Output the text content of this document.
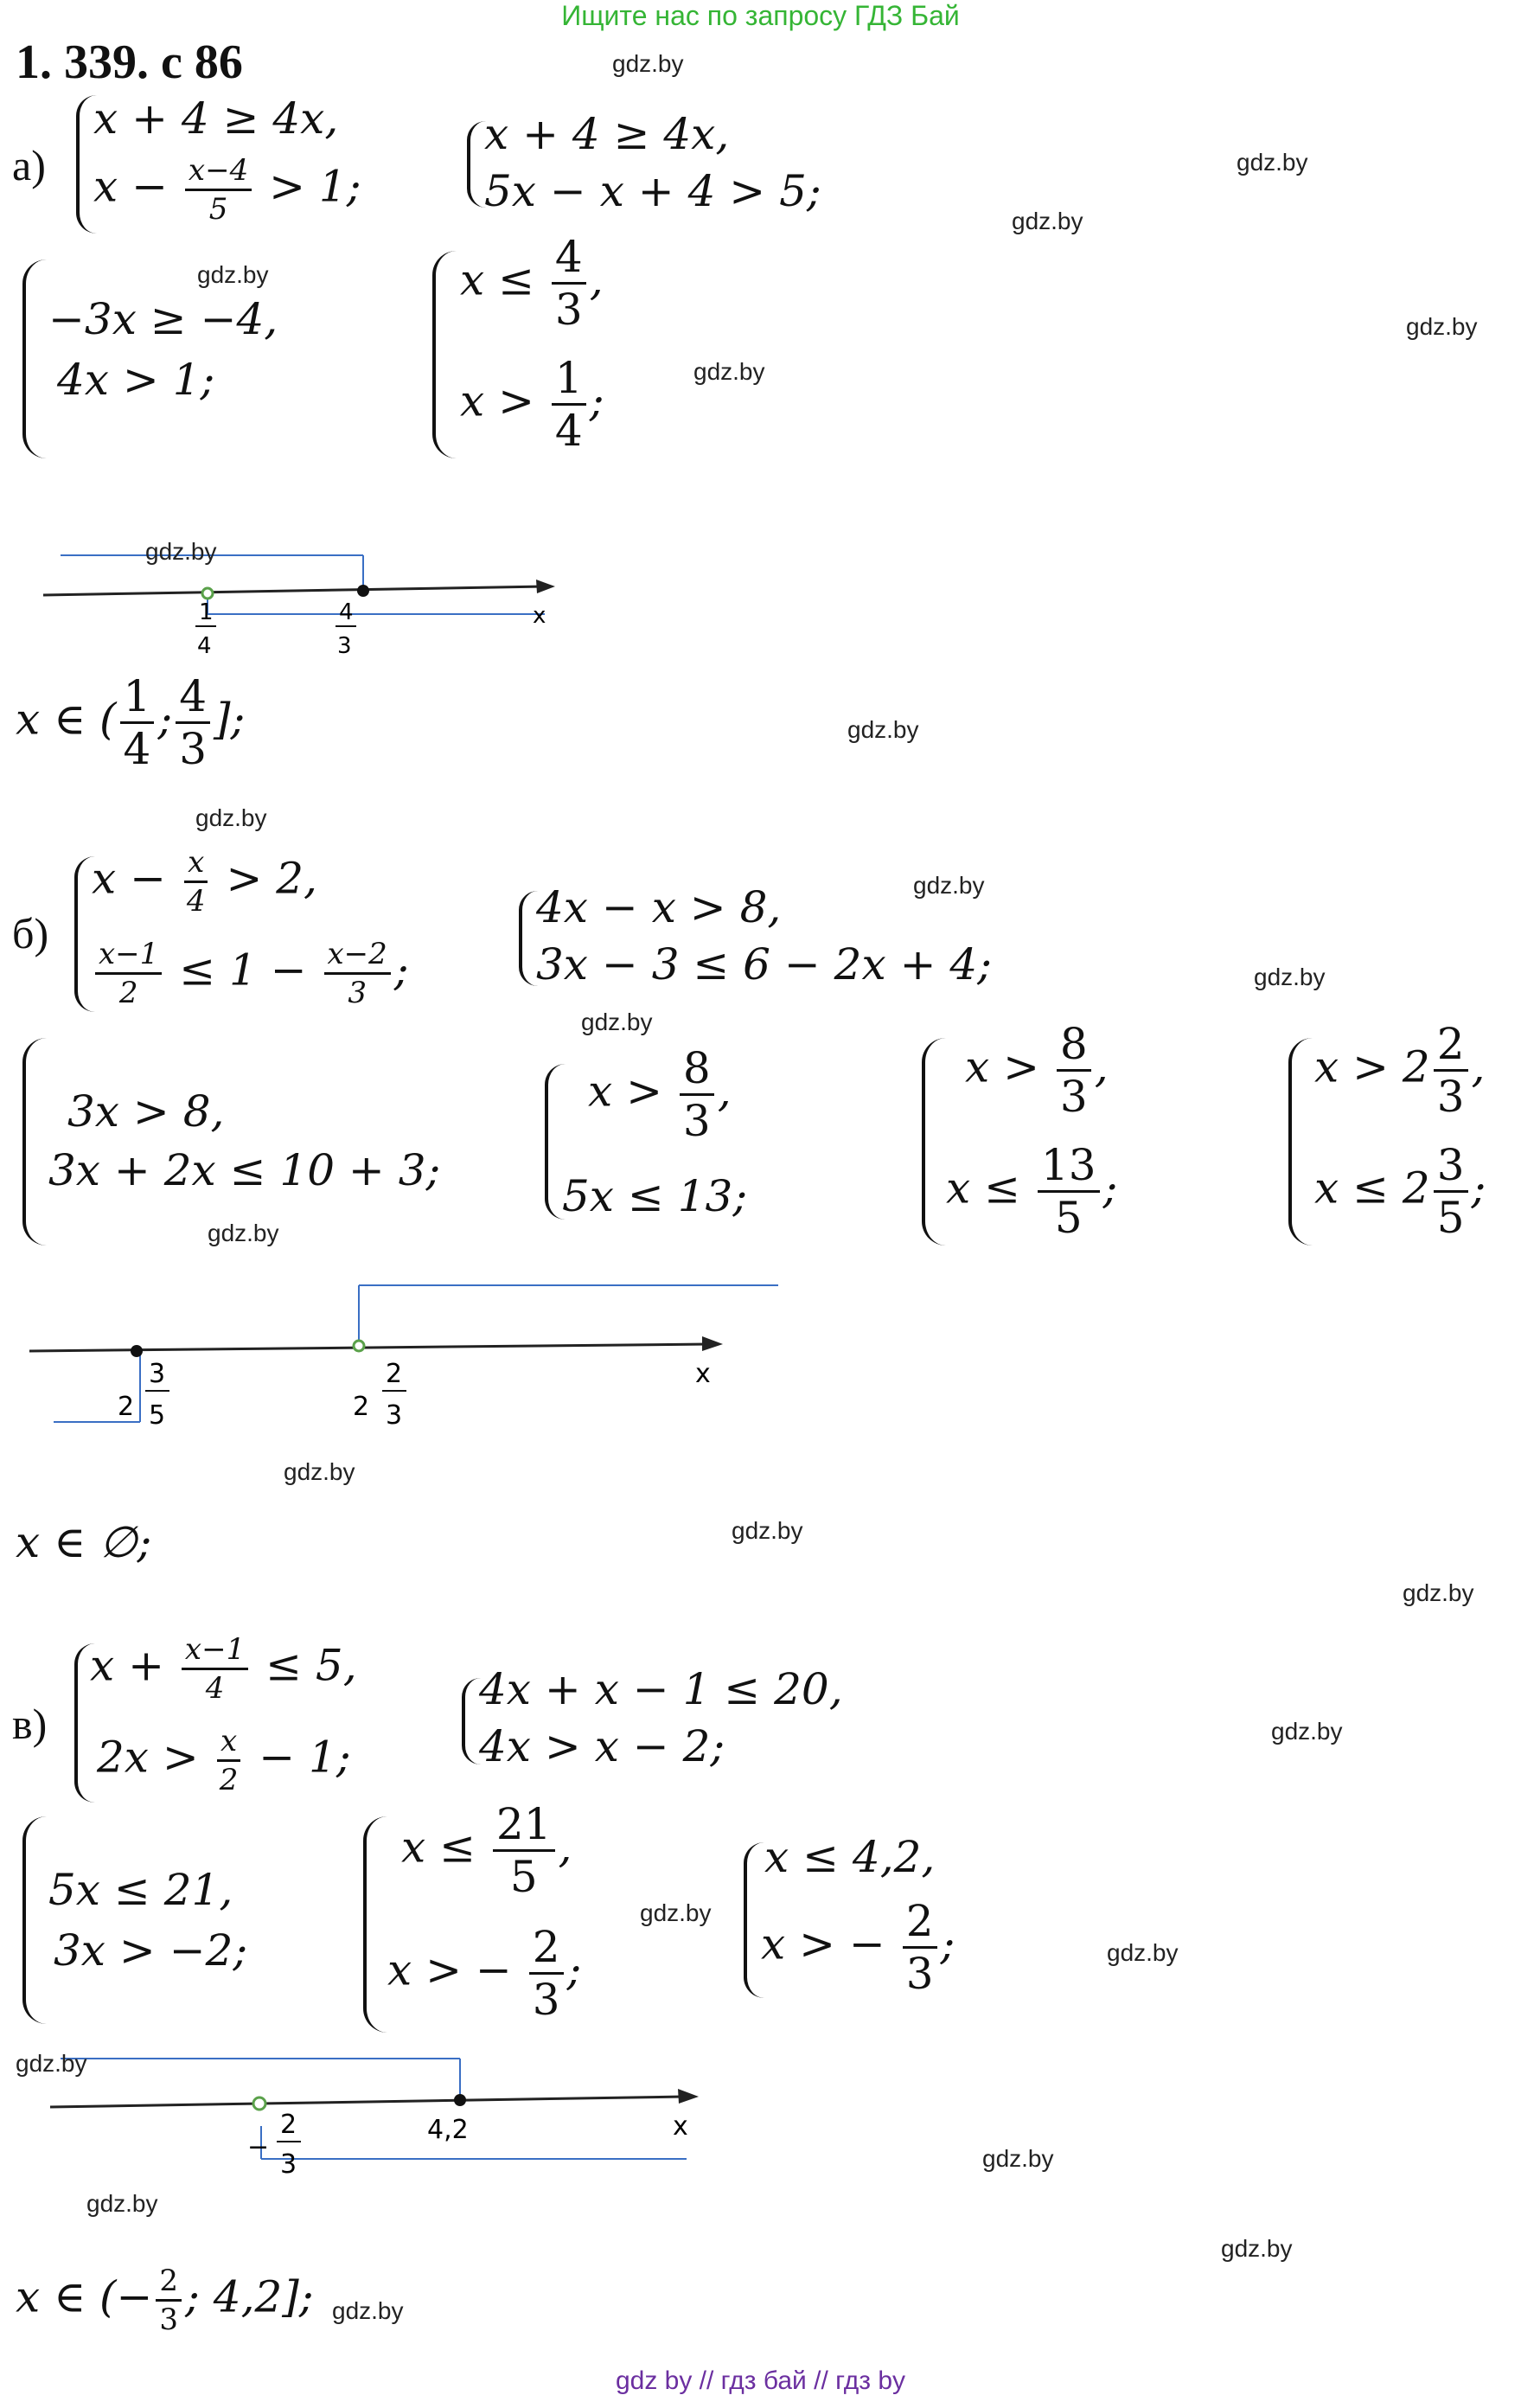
Ищите нас по запросу ГДЗ Бай
1. 339. с 86
а)
x + 4 ≥ 4x,
$x - \frac{x-4}{5} > 1$;
x + 4 ≥ 4x,
5x − x + 4 > 5;
−3x ≥ −4,
4x > 1;
$x \le \frac{4}{3}$ ,
$x > \frac{1}{4}$ ;
1
4
4
3
x
x ∈ ( $\frac{1}{4}$ ; $\frac{4}{3}$ ];
б)
$x - \frac{x}{4} > 2$,
$\frac{x-1}{2} \le 1 - \frac{x-2}{3}$ ;
4x − x > 8,
3x − 3 ≤ 6 − 2x + 4;
3x > 8,
3x + 2x ≤ 10 + 3;
$x > \frac{8}{3}$ ,
5x ≤ 13;
$x > \frac{8}{3}$ ,
$x \le \frac{13}{5}$ ;
$x > 2 \frac{2}{3}$ ,
$x \le 2 \frac{3}{5}$ ;
2
3
5	2
2
3
x
x ∈ ∅;
в)
$x + \frac{x-1}{4} \le 5$,
$2x > \frac{x}{2} - 1$;
4x + x − 1 ≤ 20,
4x > x − 2;
5x ≤ 21,
3x > −2;
$x \le \frac{21}{5}$ ,
x > − $\frac{2}{3}$ ;
x ≤ 4,2,
x > − $\frac{2}{3}$ ;
−
2
3
4,2	x
x ∈ (− $\frac{2}{3}$ ; 4,2];
gdz.by
gdz.by
gdz.by
gdz.by
gdz.by
gdz.by
gdz.by
gdz.by
gdz.by
gdz.by
gdz.by
gdz.by
gdz.by
gdz.by
gdz.by
gdz.by
gdz.by
gdz.by
gdz.by
gdz.by
gdz.by
gdz.by
gdz.by
gdz.by
gdz by // гдз бай // гдз by
